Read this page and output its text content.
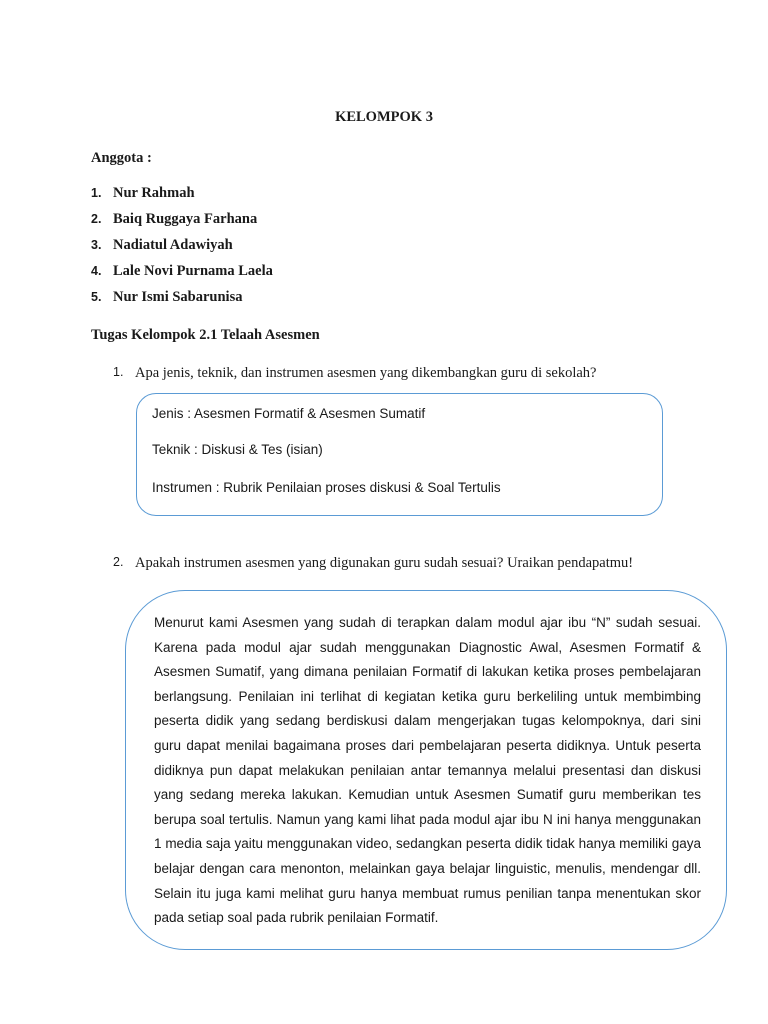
KELOMPOK 3
Anggota :
1. Nur Rahmah
2. Baiq Ruggaya Farhana
3. Nadiatul Adawiyah
4. Lale Novi Purnama Laela
5. Nur Ismi Sabarunisa
Tugas Kelompok 2.1 Telaah Asesmen
1. Apa jenis, teknik, dan instrumen asesmen yang dikembangkan guru di sekolah?
Jenis : Asesmen Formatif & Asesmen Sumatif
Teknik : Diskusi & Tes (isian)
Instrumen : Rubrik Penilaian proses diskusi & Soal Tertulis
2. Apakah instrumen asesmen yang digunakan guru sudah sesuai? Uraikan pendapatmu!

Menurut kami Asesmen yang sudah di terapkan dalam modul ajar ibu “N” sudah sesuai. Karena pada modul ajar sudah menggunakan Diagnostic Awal, Asesmen Formatif & Asesmen Sumatif, yang dimana penilaian Formatif di lakukan ketika proses pembelajaran berlangsung. Penilaian ini terlihat di kegiatan ketika guru berkeliling untuk membimbing peserta didik yang sedang berdiskusi dalam mengerjakan tugas kelompoknya, dari sini guru dapat menilai bagaimana proses dari pembelajaran peserta didiknya. Untuk peserta didiknya pun dapat melakukan penilaian antar temannya melalui presentasi dan diskusi yang sedang mereka lakukan. Kemudian untuk Asesmen Sumatif guru memberikan tes berupa soal tertulis. Namun yang kami lihat pada modul ajar ibu N ini hanya menggunakan 1 media saja yaitu menggunakan video, sedangkan peserta didik tidak hanya memiliki gaya belajar dengan cara menonton, melainkan gaya belajar linguistic, menulis, mendengar dll. Selain itu juga kami melihat guru hanya membuat rumus penilian tanpa menentukan skor pada setiap soal pada rubrik penilaian Formatif.
